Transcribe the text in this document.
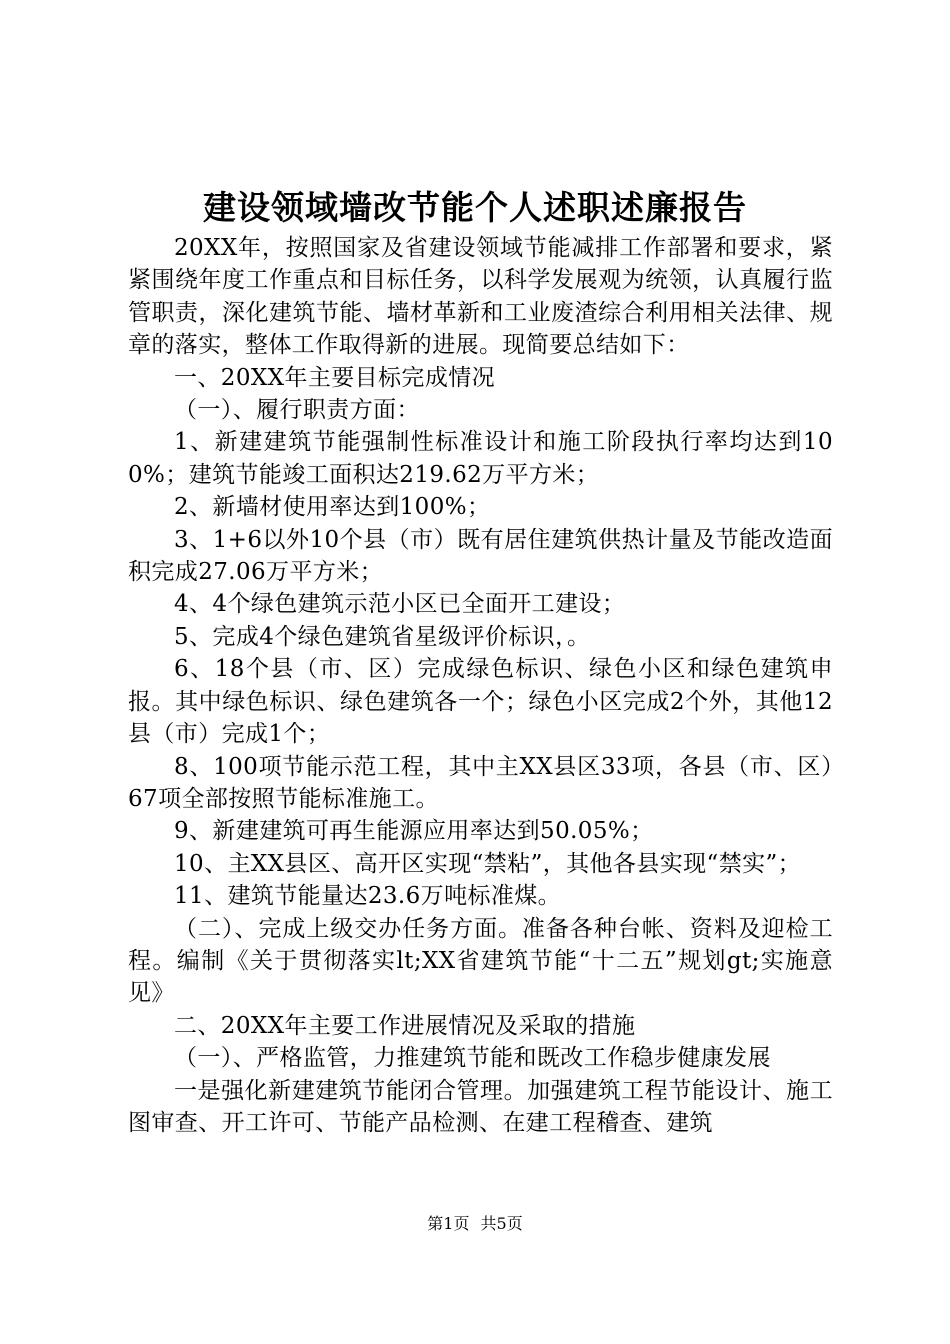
建设领域墙改节能个人述职述廉报告

20XX年，按照国家及省建设领域节能减排工作部署和要求，紧紧围绕年度工作重点和目标任务，以科学发展观为统领，认真履行监管职责，深化建筑节能、墙材革新和工业废渣综合利用相关法律、规章的落实，整体工作取得新的进展。现简要总结如下：

一、20XX年主要目标完成情况

（一）、履行职责方面：

1、新建建筑节能强制性标准设计和施工阶段执行率均达到100%；建筑节能竣工面积达219.62万平方米；

2、新墙材使用率达到100%；

3、1+6以外10个县（市）既有居住建筑供热计量及节能改造面积完成27.06万平方米；

4、4个绿色建筑示范小区已全面开工建设；

5、完成4个绿色建筑省星级评价标识，。

6、18个县（市、区）完成绿色标识、绿色小区和绿色建筑申报。其中绿色标识、绿色建筑各一个；绿色小区完成2个外，其他12县（市）完成1个；

8、100项节能示范工程，其中主XX县区33项，各县（市、区）67项全部按照节能标准施工。

9、新建建筑可再生能源应用率达到50.05%；

10、主XX县区、高开区实现“禁粘”，其他各县实现“禁实”；

11、建筑节能量达23.6万吨标准煤。

（二）、完成上级交办任务方面。准备各种台帐、资料及迎检工程。编制《关于贯彻落实lt;XX省建筑节能“十二五”规划gt;实施意见》

二、20XX年主要工作进展情况及采取的措施

（一）、严格监管，力推建筑节能和既改工作稳步健康发展

一是强化新建建筑节能闭合管理。加强建筑工程节能设计、施工图审查、开工许可、节能产品检测、在建工程稽查、建筑

第1页 共5页
